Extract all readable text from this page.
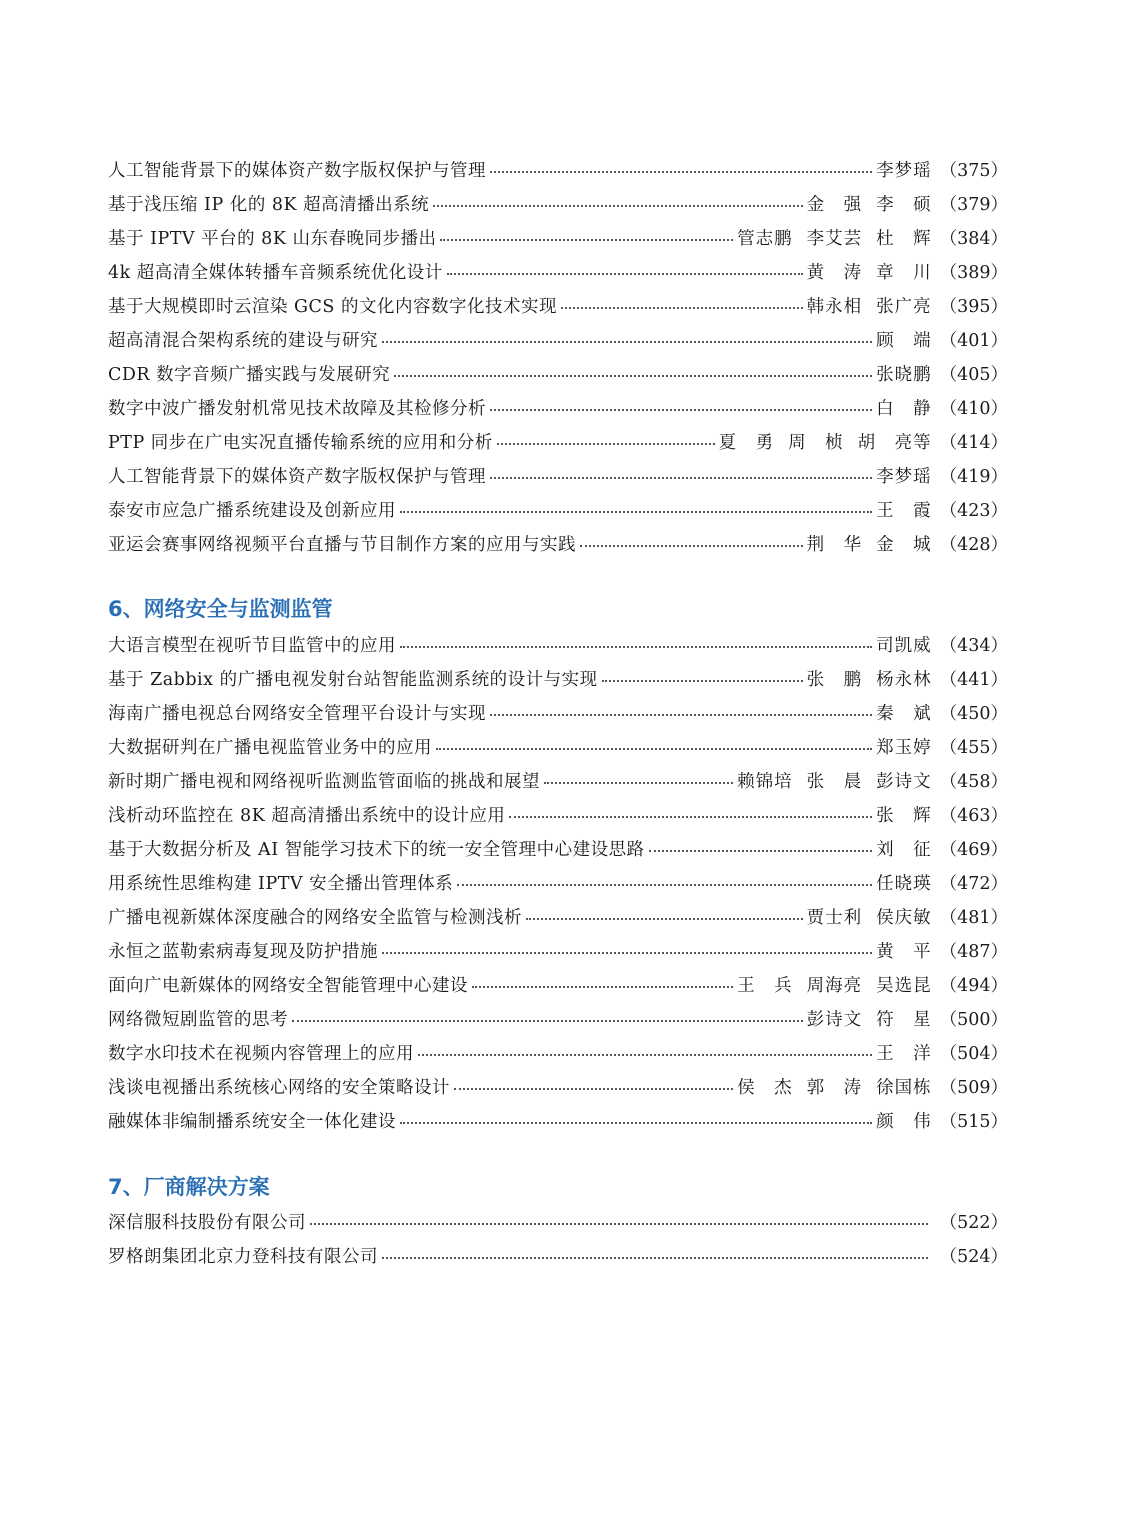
人工智能背景下的媒体资产数字版权保护与管理	李梦瑶 （375）
基于浅压缩 IP 化的 8K 超高清播出系统	金　强 李　硕 （379）
基于 IPTV 平台的 8K 山东春晚同步播出	管志鹏 李艾芸 杜　辉 （384）
4k 超高清全媒体转播车音频系统优化设计	黄　涛 章　川 （389）
基于大规模即时云渲染 GCS 的文化内容数字化技术实现	韩永相 张广亮 （395）
超高清混合架构系统的建设与研究	顾　端 （401）
CDR 数字音频广播实践与发展研究	张晓鹏 （405）
数字中波广播发射机常见技术故障及其检修分析	白　静 （410）
PTP 同步在广电实况直播传输系统的应用和分析	夏　勇 周　桢 胡　亮等 （414）
人工智能背景下的媒体资产数字版权保护与管理	李梦瑶 （419）
泰安市应急广播系统建设及创新应用	王　霞 （423）
亚运会赛事网络视频平台直播与节目制作方案的应用与实践	荆　华 金　城 （428）
6、网络安全与监测监管
大语言模型在视听节目监管中的应用	司凯威 （434）
基于 Zabbix 的广播电视发射台站智能监测系统的设计与实现	张　鹏 杨永林 （441）
海南广播电视总台网络安全管理平台设计与实现	秦　斌 （450）
大数据研判在广播电视监管业务中的应用	郑玉婷 （455）
新时期广播电视和网络视听监测监管面临的挑战和展望	赖锦培 张　晨 彭诗文 （458）
浅析动环监控在 8K 超高清播出系统中的设计应用	张　辉 （463）
基于大数据分析及 AI 智能学习技术下的统一安全管理中心建设思路	刘　征 （469）
用系统性思维构建 IPTV 安全播出管理体系	任晓瑛 （472）
广播电视新媒体深度融合的网络安全监管与检测浅析	贾士利 侯庆敏 （481）
永恒之蓝勒索病毒复现及防护措施	黄　平 （487）
面向广电新媒体的网络安全智能管理中心建设	王　兵 周海亮 吴选昆 （494）
网络微短剧监管的思考	彭诗文 符　星 （500）
数字水印技术在视频内容管理上的应用	王　洋 （504）
浅谈电视播出系统核心网络的安全策略设计	侯　杰 郭　涛 徐国栋 （509）
融媒体非编制播系统安全一体化建设	颜　伟 （515）
7、厂商解决方案
深信服科技股份有限公司	（522）
罗格朗集团北京力登科技有限公司	（524）
